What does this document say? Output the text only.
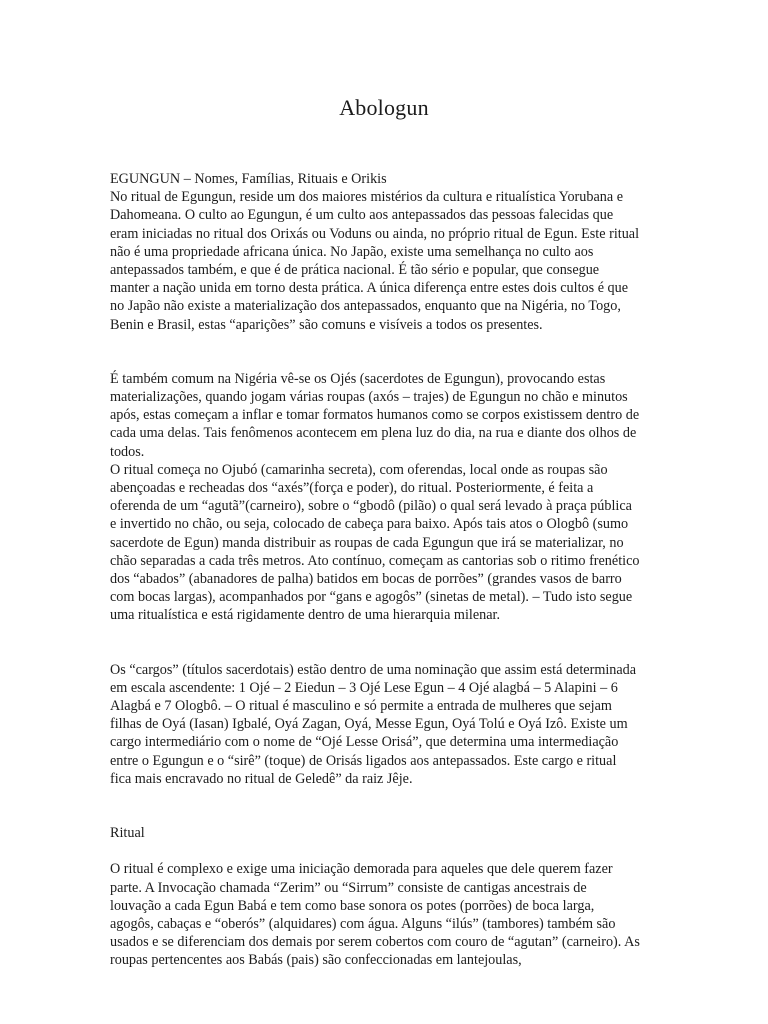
Abologun

EGUNGUN – Nomes, Famílias, Rituais e Orikis

No ritual de Egungun, reside um dos maiores mistérios da cultura e ritualística Yorubana e Dahomeana. O culto ao Egungun, é um culto aos antepassados das pessoas falecidas que eram iniciadas no ritual dos Orixás ou Voduns ou ainda, no próprio ritual de Egun. Este ritual não é uma propriedade africana única. No Japão, existe uma semelhança no culto aos antepassados também, e que é de prática nacional. É tão sério e popular, que consegue manter a nação unida em torno desta prática. A única diferença entre estes dois cultos é que no Japão não existe a materialização dos antepassados, enquanto que na Nigéria, no Togo, Benin e Brasil, estas “aparições” são comuns e visíveis a todos os presentes.

É também comum na Nigéria vê-se os Ojés (sacerdotes de Egungun), provocando estas materializações, quando jogam várias roupas (axós – trajes) de Egungun no chão e minutos após, estas começam a inflar e tomar formatos humanos como se corpos existissem dentro de cada uma delas. Tais fenômenos acontecem em plena luz do dia, na rua e diante dos olhos de todos.

O ritual começa no Ojubó (camarinha secreta), com oferendas, local onde as roupas são abençoadas e recheadas dos “axés”(força e poder), do ritual. Posteriormente, é feita a oferenda de um “agutã”(carneiro), sobre o “gbodô (pilão) o qual será levado à praça pública e invertido no chão, ou seja, colocado de cabeça para baixo. Após tais atos o Ologbô (sumo sacerdote de Egun) manda distribuir as roupas de cada Egungun que irá se materializar, no chão separadas a cada três metros. Ato contínuo, começam as cantorias sob o ritimo frenético dos “abados” (abanadores de palha) batidos em bocas de porrões” (grandes vasos de barro com bocas largas), acompanhados por “gans e agogôs” (sinetas de metal). – Tudo isto segue uma ritualística e está rigidamente dentro de uma hierarquia milenar.

Os “cargos” (títulos sacerdotais) estão dentro de uma nominação que assim está determinada em escala ascendente: 1 Ojé – 2 Eiedun – 3 Ojé Lese Egun – 4 Ojé alagbá – 5 Alapini – 6 Alagbá e 7 Ologbô. – O ritual é masculino e só permite a entrada de mulheres que sejam filhas de Oyá (Iasan) Igbalé, Oyá Zagan, Oyá, Messe Egun, Oyá Tolú e Oyá Izô. Existe um cargo intermediário com o nome de “Ojé Lesse Orisá”, que determina uma intermediação entre o Egungun e o “sirê” (toque) de Orisás ligados aos antepassados. Este cargo e ritual fica mais encravado no ritual de Geledê” da raiz Jêje.

Ritual

O ritual é complexo e exige uma iniciação demorada para aqueles que dele querem fazer parte. A Invocação chamada “Zerim” ou “Sirrum” consiste de cantigas ancestrais de louvação a cada Egun Babá e tem como base sonora os potes (porrões) de boca larga, agogôs, cabaças e “oberós” (alquidares) com água. Alguns “ilús” (tambores) também são usados e se diferenciam dos demais por serem cobertos com couro de “agutan” (carneiro). As roupas pertencentes aos Babás (pais) são confeccionadas em lantejoulas,
